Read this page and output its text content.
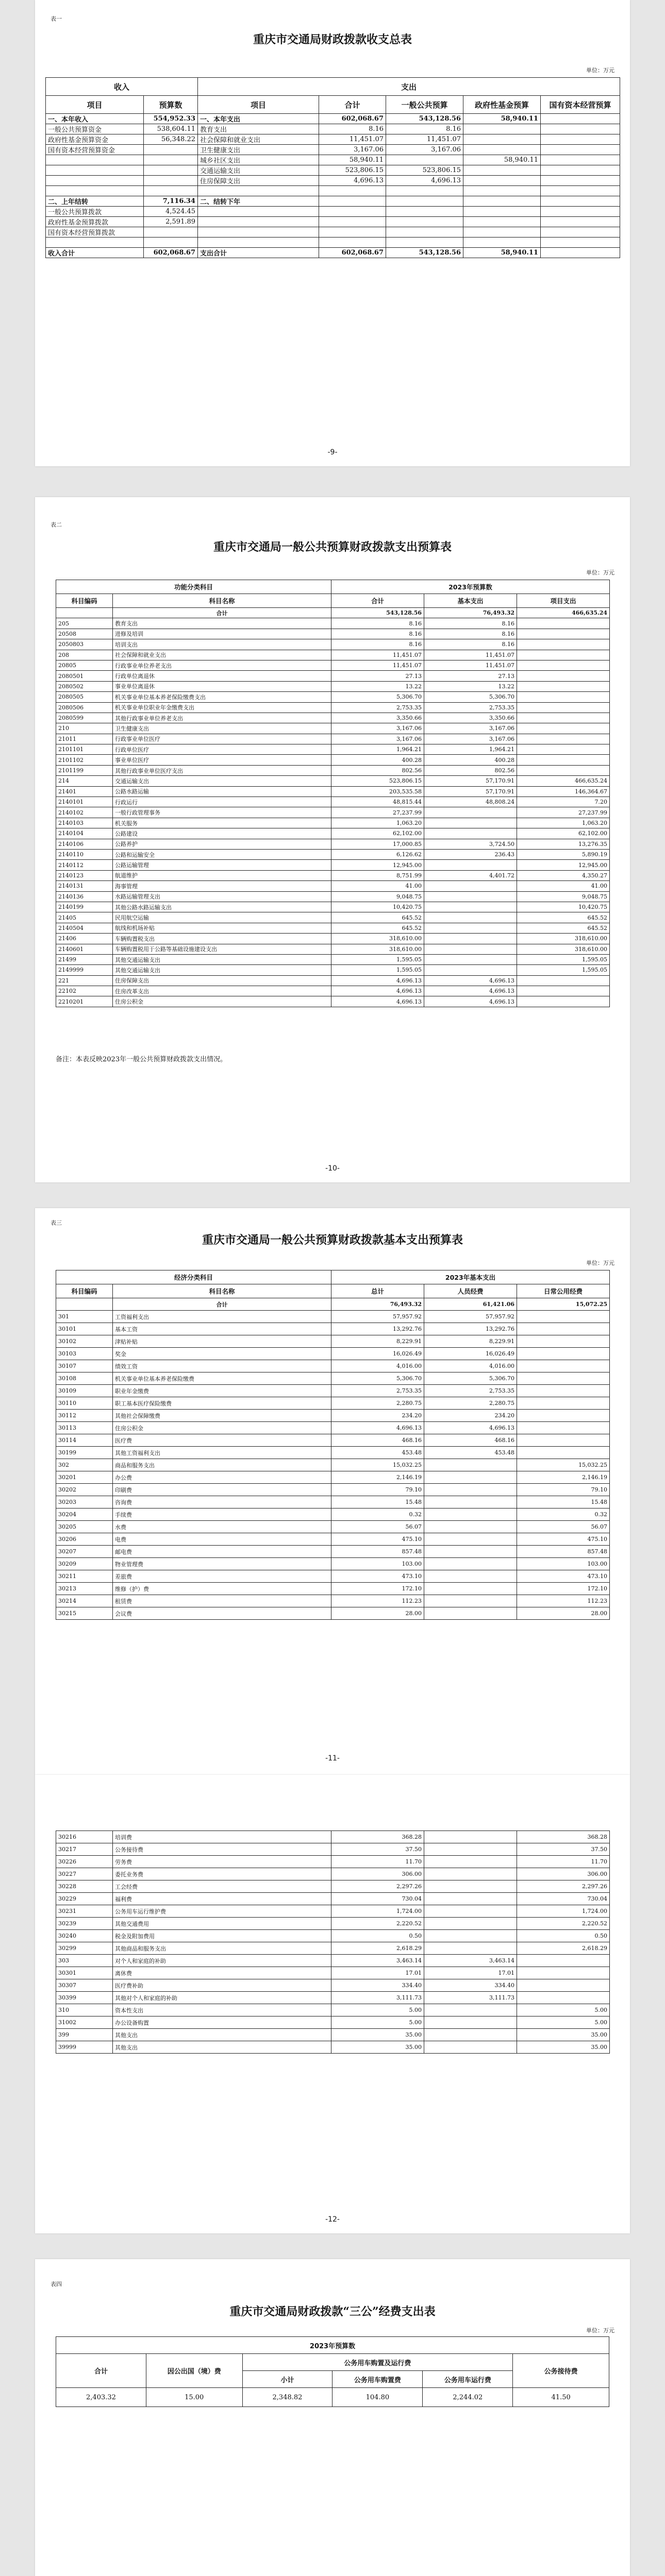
表一
重庆市交通局财政拨款收支总表
单位：万元
收入		支出				
项目	预算数	项目	合计	一般公共预算	政府性基金预算	国有资本经营预算
一、本年收入	554,952.33	一、本年支出	602,068.67	543,128.56	58,940.11	
一般公共预算资金	538,604.11	教育支出	8.16	8.16		
政府性基金预算资金	56,348.22	社会保障和就业支出	11,451.07	11,451.07		
国有资本经营预算资金		卫生健康支出	3,167.06	3,167.06		
		城乡社区支出	58,940.11		58,940.11	
		交通运输支出	523,806.15	523,806.15		
		住房保障支出	4,696.13	4,696.13		

二、上年结转	7,116.34	二、结转下年				
一般公共预算拨款	4,524.45					
政府性基金预算拨款	2,591.89					
国有资本经营预算拨款						

收入合计	602,068.67	支出合计	602,068.67	543,128.56	58,940.11	
-9-
表二
重庆市交通局一般公共预算财政拨款支出预算表
单位：万元
功能分类科目		2023年预算数		
科目编码	科目名称	合计	基本支出	项目支出
	合计	543,128.56	76,493.32	466,635.24
205	教育支出	8.16	8.16	
20508	进修及培训	8.16	8.16	
2050803	培训支出	8.16	8.16	
208	社会保障和就业支出	11,451.07	11,451.07	
20805	行政事业单位养老支出	11,451.07	11,451.07	
2080501	行政单位离退休	27.13	27.13	
2080502	事业单位离退休	13.22	13.22	
2080505	机关事业单位基本养老保险缴费支出	5,306.70	5,306.70	
2080506	机关事业单位职业年金缴费支出	2,753.35	2,753.35	
2080599	其他行政事业单位养老支出	3,350.66	3,350.66	
210	卫生健康支出	3,167.06	3,167.06	
21011	行政事业单位医疗	3,167.06	3,167.06	
2101101	行政单位医疗	1,964.21	1,964.21	
2101102	事业单位医疗	400.28	400.28	
2101199	其他行政事业单位医疗支出	802.56	802.56	
214	交通运输支出	523,806.15	57,170.91	466,635.24
21401	公路水路运输	203,535.58	57,170.91	146,364.67
2140101	行政运行	48,815.44	48,808.24	7.20
2140102	一般行政管理事务	27,237.99		27,237.99
2140103	机关服务	1,063.20		1,063.20
2140104	公路建设	62,102.00		62,102.00
2140106	公路养护	17,000.85	3,724.50	13,276.35
2140110	公路和运输安全	6,126.62	236.43	5,890.19
2140112	公路运输管理	12,945.00		12,945.00
2140123	航道维护	8,751.99	4,401.72	4,350.27
2140131	海事管理	41.00		41.00
2140136	水路运输管理支出	9,048.75		9,048.75
2140199	其他公路水路运输支出	10,420.75		10,420.75
21405	民用航空运输	645.52		645.52
2140504	航线和机场补贴	645.52		645.52
21406	车辆购置税支出	318,610.00		318,610.00
2140601	车辆购置税用于公路等基础设施建设支出	318,610.00		318,610.00
21499	其他交通运输支出	1,595.05		1,595.05
2149999	其他交通运输支出	1,595.05		1,595.05
221	住房保障支出	4,696.13	4,696.13	
22102	住房改革支出	4,696.13	4,696.13	
2210201	住房公积金	4,696.13	4,696.13	
备注：本表反映2023年一般公共预算财政拨款支出情况。
-10-
表三
重庆市交通局一般公共预算财政拨款基本支出预算表
单位：万元
经济分类科目		2023年基本支出		
科目编码	科目名称	总计	人员经费	日常公用经费
	合计	76,493.32	61,421.06	15,072.25
301	工资福利支出	57,957.92	57,957.92	
30101	基本工资	13,292.76	13,292.76	
30102	津贴补贴	8,229.91	8,229.91	
30103	奖金	16,026.49	16,026.49	
30107	绩效工资	4,016.00	4,016.00	
30108	机关事业单位基本养老保险缴费	5,306.70	5,306.70	
30109	职业年金缴费	2,753.35	2,753.35	
30110	职工基本医疗保险缴费	2,280.75	2,280.75	
30112	其他社会保障缴费	234.20	234.20	
30113	住房公积金	4,696.13	4,696.13	
30114	医疗费	468.16	468.16	
30199	其他工资福利支出	453.48	453.48	
302	商品和服务支出	15,032.25		15,032.25
30201	办公费	2,146.19		2,146.19
30202	印刷费	79.10		79.10
30203	咨询费	15.48		15.48
30204	手续费	0.32		0.32
30205	水费	56.07		56.07
30206	电费	475.10		475.10
30207	邮电费	857.48		857.48
30209	物业管理费	103.00		103.00
30211	差旅费	473.10		473.10
30213	维修（护）费	172.10		172.10
30214	租赁费	112.23		112.23
30215	会议费	28.00		28.00
-11-
30216	培训费	368.28		368.28
30217	公务接待费	37.50		37.50
30226	劳务费	11.70		11.70
30227	委托业务费	306.00		306.00
30228	工会经费	2,297.26		2,297.26
30229	福利费	730.04		730.04
30231	公务用车运行维护费	1,724.00		1,724.00
30239	其他交通费用	2,220.52		2,220.52
30240	税金及附加费用	0.50		0.50
30299	其他商品和服务支出	2,618.29		2,618.29
303	对个人和家庭的补助	3,463.14	3,463.14	
30301	离休费	17.01	17.01	
30307	医疗费补助	334.40	334.40	
30399	其他对个人和家庭的补助	3,111.73	3,111.73	
310	资本性支出	5.00		5.00
31002	办公设备购置	5.00		5.00
399	其他支出	35.00		35.00
39999	其他支出	35.00		35.00
-12-
表四
重庆市交通局财政拨款“三公”经费支出表
单位：万元
2023年预算数					
合计	因公出国（境）费	公务用车购置及运行费			公务接待费
		小计	公务用车购置费	公务用车运行费	
2,403.32	15.00	2,348.82	104.80	2,244.02	41.50
